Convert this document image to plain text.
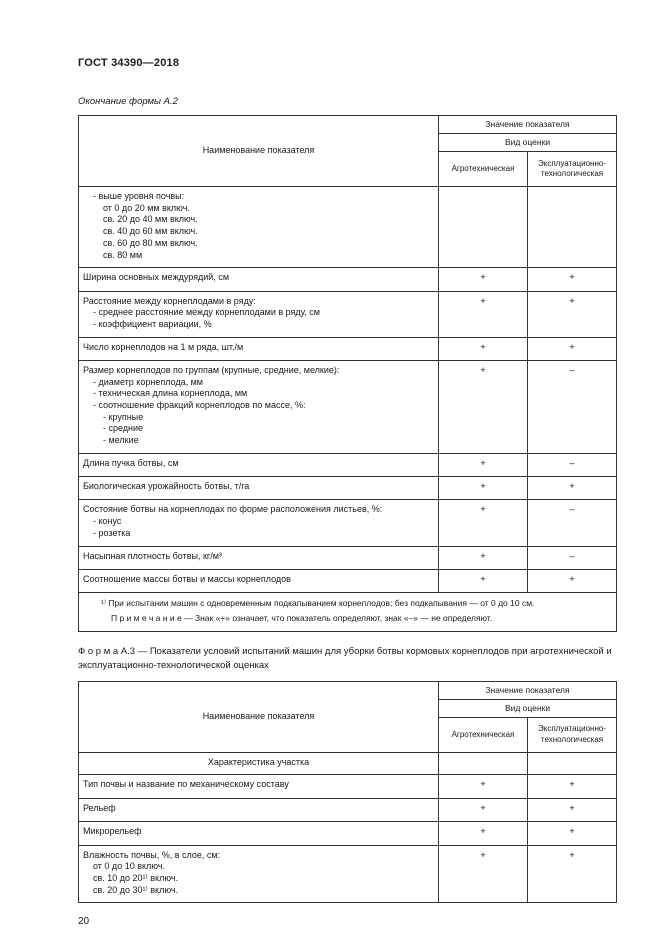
ГОСТ 34390—2018
Окончание формы А.2
Наименование показателя	Значение показателя	
	Вид оценки	
	Агротехническая	Эксплуатационно-технологическая

- выше уровня почвы:
от 0 до 20 мм включ.
св. 20 до 40 мм включ.
св. 40 до 60 мм включ.
св. 60 до 80 мм включ.
св. 80 мм

Ширина основных междурядий, см	+	+

Расстояние между корнеплодами в ряду:
- среднее расстояние между корнеплодами в ряду, см
- коэффициент вариации, %	+	+

Число корнеплодов на 1 м ряда, шт./м	+	+

Размер корнеплодов по группам (крупные, средние, мелкие):
- диаметр корнеплода, мм
- техническая длина корнеплода, мм
- соотношение фракций корнеплодов по массе, %:
- крупные
- средние
- мелкие
	+	–

Длина пучка ботвы, см	+	–

Биологическая урожайность ботвы, т/га	+	+

Состояние ботвы на корнеплодах по форме расположения листьев, %:
- конус
- розетка	+	–

Насыпная плотность ботвы, кг/м³	+	–

Соотношение массы ботвы и массы корнеплодов	+	+

¹⁾ При испытании машин с одновременным подкапыванием корнеплодов; без подкапывания — от 0 до 10 см.
П р и м е ч а н и е — Знак «+» означает, что показатель определяют, знак «–» — не определяют.		
Ф о р м а А.3 — Показатели условий испытаний машин для уборки ботвы кормовых корнеплодов при агротехнической и эксплуатационно-технологической оценках
Наименование показателя	Значение показателя	
	Вид оценки	
	Агротехническая	Эксплуатационно-технологическая

Характеристика участка		

Тип почвы и название по механическому составу	+	+

Рельеф	+	+

Микрорельеф	+	+

Влажность почвы, %, в слое, см:
от 0 до 10 включ.
св. 10 до 20¹⁾ включ.
св. 20 до 30¹⁾ включ.	+	+
20
